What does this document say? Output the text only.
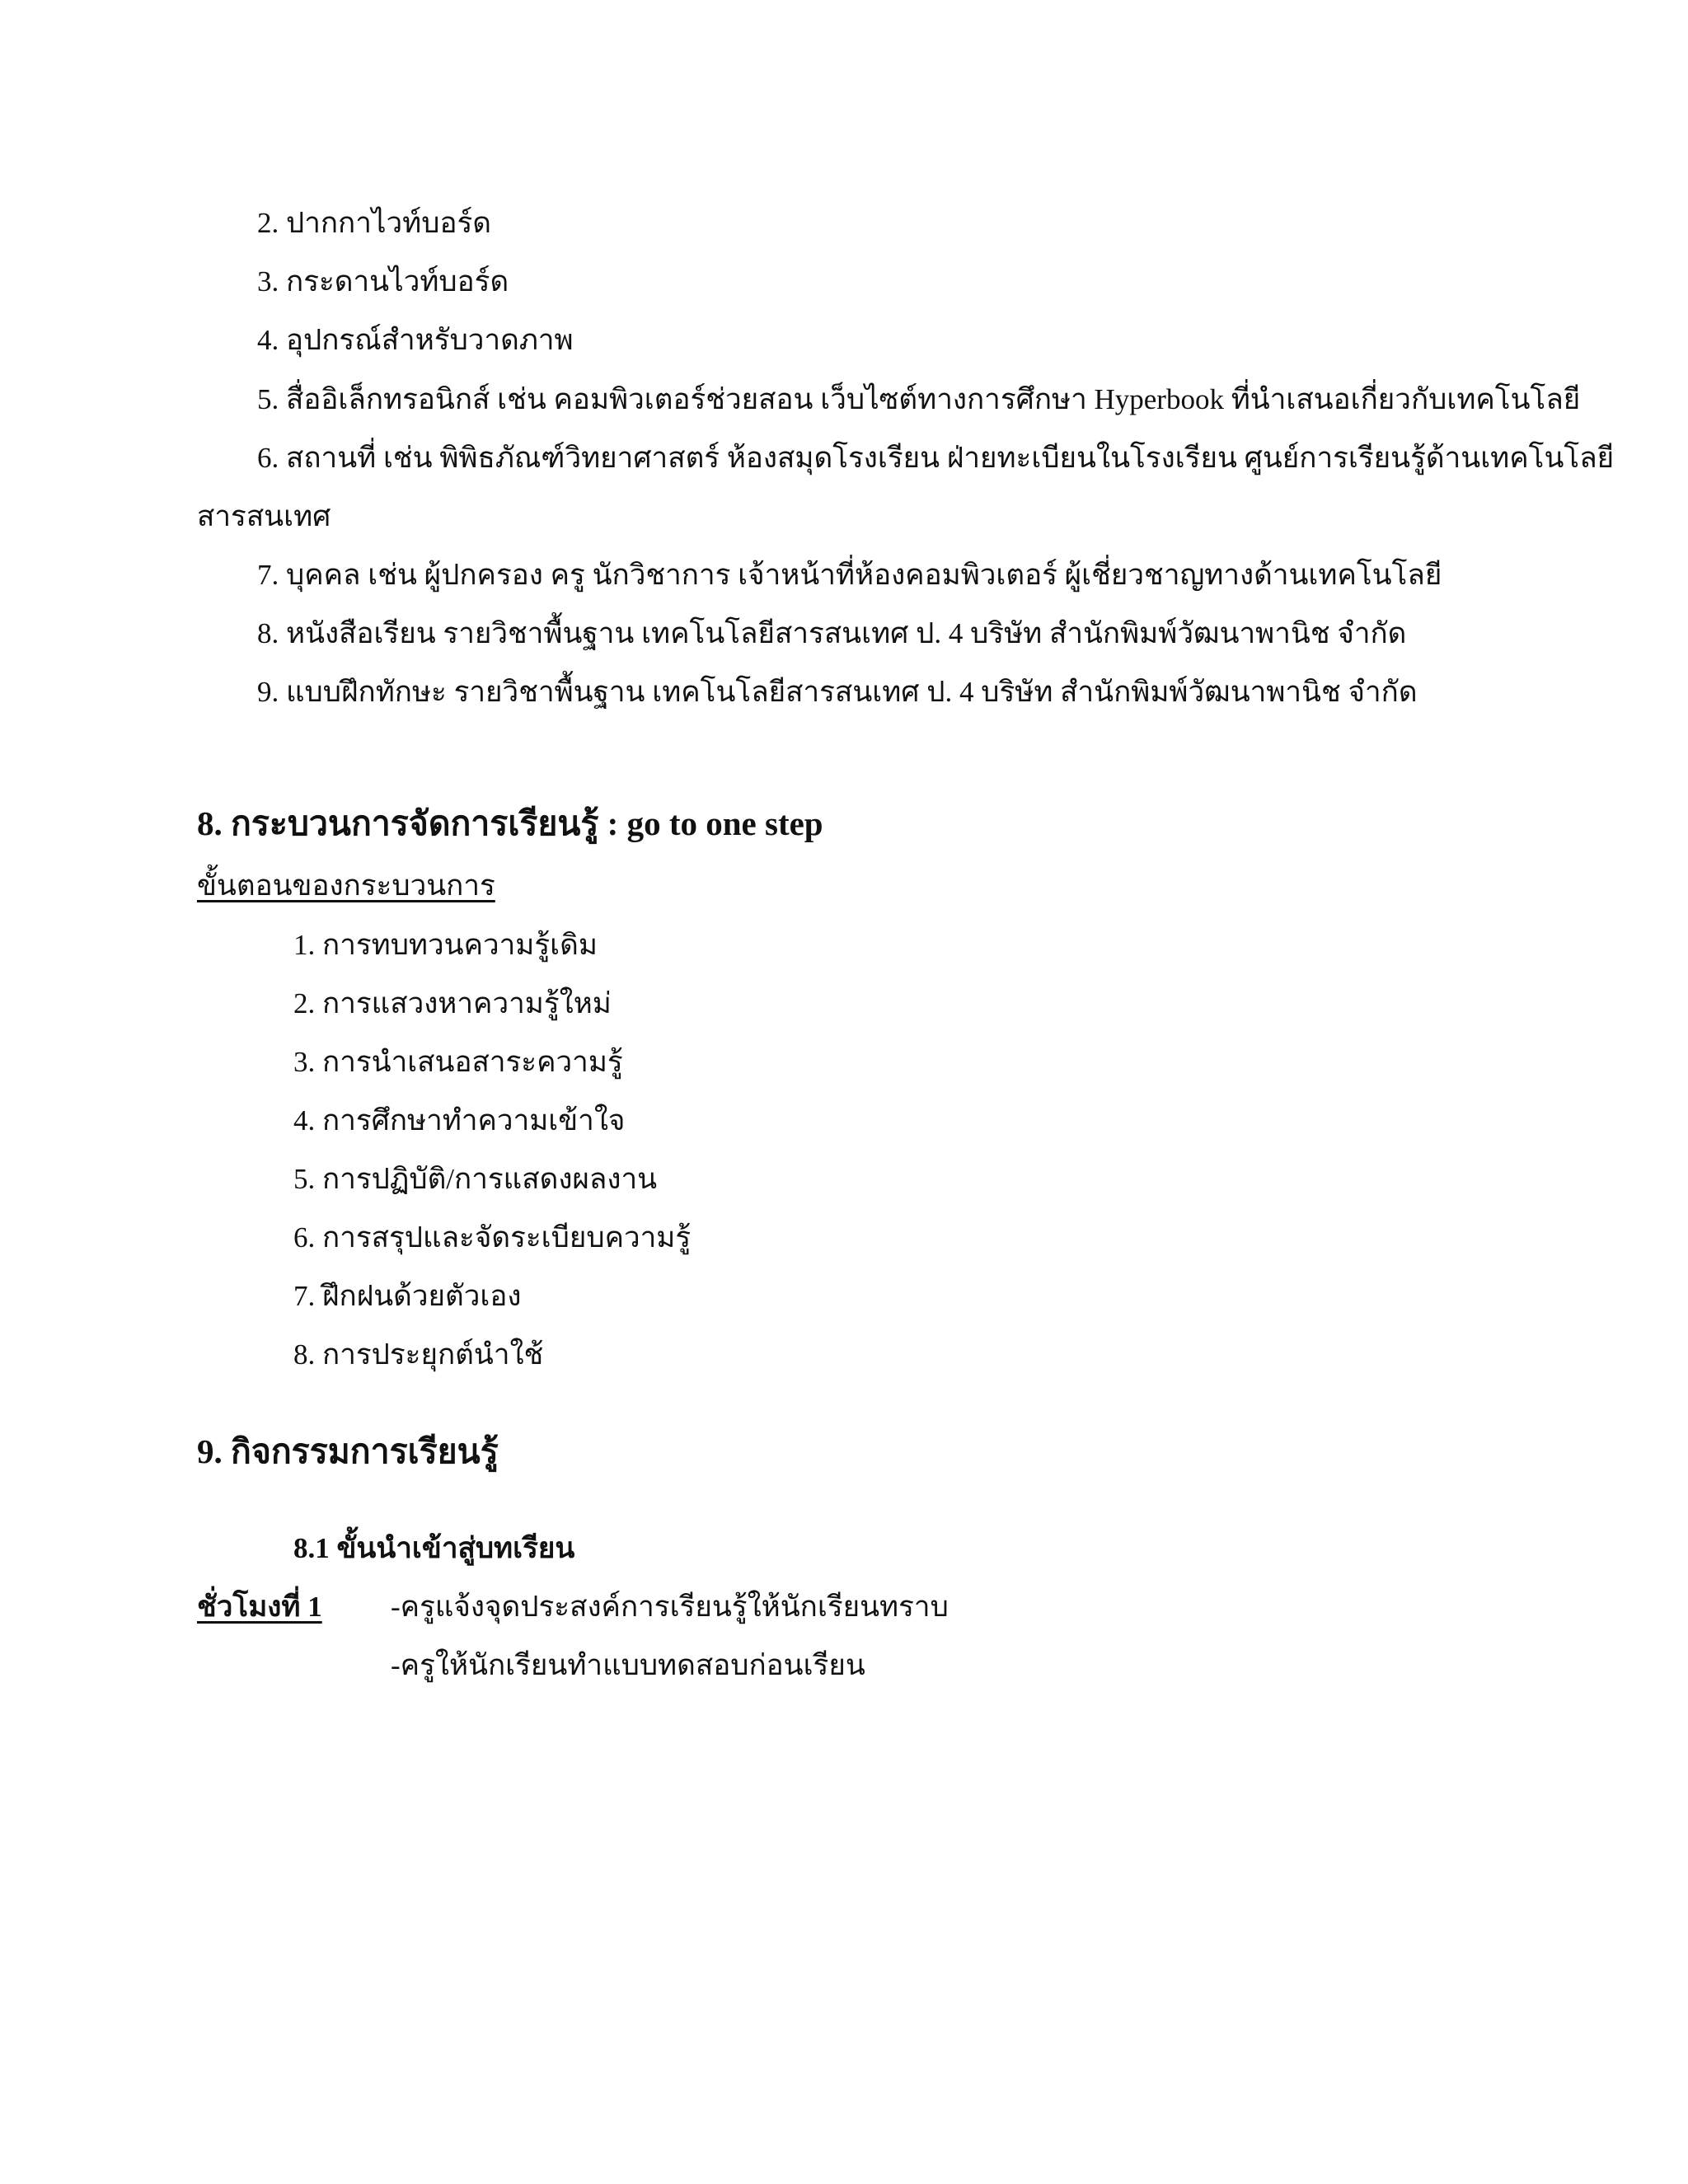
2. ปากกาไวท์บอร์ด
3. กระดานไวท์บอร์ด
4. อุปกรณ์สำหรับวาดภาพ
5. สื่ออิเล็กทรอนิกส์ เช่น คอมพิวเตอร์ช่วยสอน เว็บไซต์ทางการศึกษา Hyperbook ที่นำเสนอเกี่ยวกับเทคโนโลยี
6. สถานที่ เช่น พิพิธภัณฑ์วิทยาศาสตร์ ห้องสมุดโรงเรียน ฝ่ายทะเบียนในโรงเรียน ศูนย์การเรียนรู้ด้านเทคโนโลยี
สารสนเทศ
7. บุคคล เช่น ผู้ปกครอง ครู นักวิชาการ เจ้าหน้าที่ห้องคอมพิวเตอร์ ผู้เชี่ยวชาญทางด้านเทคโนโลยี
8. หนังสือเรียน รายวิชาพื้นฐาน เทคโนโลยีสารสนเทศ ป. 4 บริษัท สำนักพิมพ์วัฒนาพานิช จำกัด
9. แบบฝึกทักษะ รายวิชาพื้นฐาน เทคโนโลยีสารสนเทศ ป. 4 บริษัท สำนักพิมพ์วัฒนาพานิช จำกัด
8. กระบวนการจัดการเรียนรู้ : go to one step
ขั้นตอนของกระบวนการ
1. การทบทวนความรู้เดิม
2. การแสวงหาความรู้ใหม่
3. การนำเสนอสาระความรู้
4. การศึกษาทำความเข้าใจ
5. การปฏิบัติ/การแสดงผลงาน
6. การสรุปและจัดระเบียบความรู้
7. ฝึกฝนด้วยตัวเอง
8. การประยุกต์นำใช้
9. กิจกรรมการเรียนรู้
8.1 ขั้นนำเข้าสู่บทเรียน
ชั่วโมงที่ 1 -ครูแจ้งจุดประสงค์การเรียนรู้ให้นักเรียนทราบ
-ครูให้นักเรียนทำแบบทดสอบก่อนเรียน
